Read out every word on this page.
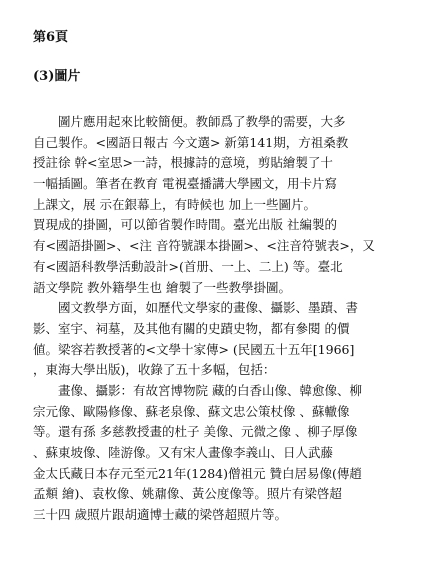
第6頁
(3)圖片
　　圖片應用起來比較簡便。教師爲了教學的需要，大多
自己製作。<國語日報古 今文選> 新第141期，方祖桑教
授註徐 幹<室思>一詩，根據詩的意境，剪貼繪製了十
一幅插圖。筆者在教育 電視臺播講大學國文，用卡片寫
上課文，展 示在銀幕上，有時候也 加上一些圖片。
買現成的掛圖，可以節省製作時間。臺光出版 社編製的
有<國語掛圖>、<注 音符號課本掛圖>、<注音符號表>，又
有<國語科教學活動設計>(首册、一上、二上) 等。臺北
語文學院 教外籍學生也 繪製了一些教學掛圖。
　　國文教學方面，如歷代文學家的畫像、攝影、墨蹟、書
影、室宇、祠墓，及其他有關的史蹟史物，都有參閱 的價
値。梁容若教授著的<文學十家傳> (民國五十五年[1966]
，東海大學出版)，收錄了五十多幅，包括：
　　畫像、攝影：有故宮博物院 藏的白香山像、韓愈像、柳
宗元像、歐陽修像、蘇老泉像、蘇文忠公策杖像 、蘇轍像
等。還有孫 多慈教授畫的杜子 美像、元微之像 、柳子厚像
、蘇東坡像、陸游像。又有宋人畫像李義山、日人武藤
金太氏藏日本存元至元21年(1284)僧祖元 贊白居易像(傳趙
孟頫 繪)、袁枚像、姚鼐像、黃公度像等。照片有梁啓超
三十四 歲照片跟胡適博士藏的梁啓超照片等。
